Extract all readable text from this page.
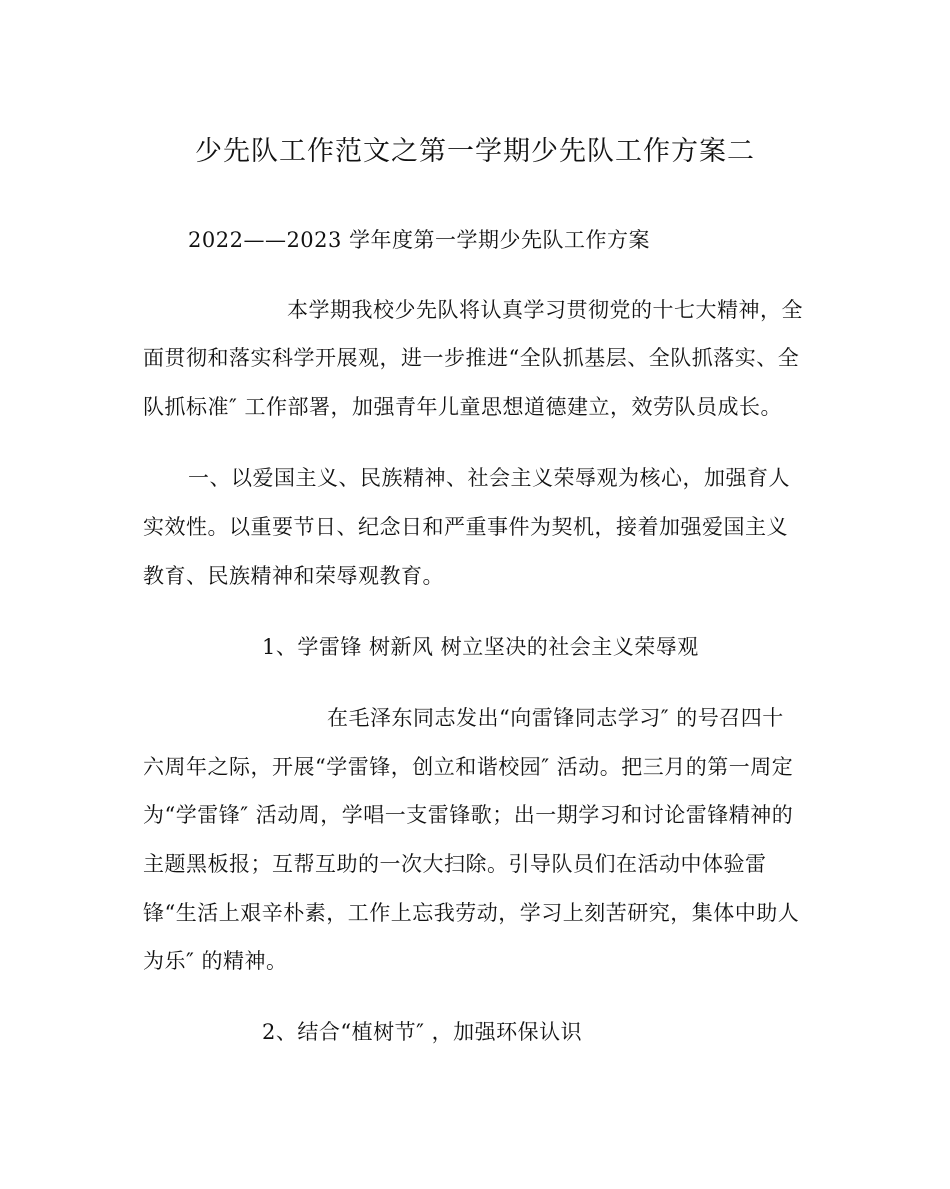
少先队工作范文之第一学期少先队工作方案二
2022——2023 学年度第一学期少先队工作方案
本学期我校少先队将认真学习贯彻党的十七大精神，全
面贯彻和落实科学开展观，进一步推进“全队抓基层、全队抓落实、全
队抓标准″ 工作部署，加强青年儿童思想道德建立，效劳队员成长。
一、以爱国主义、民族精神、社会主义荣辱观为核心，加强育人
实效性。以重要节日、纪念日和严重事件为契机，接着加强爱国主义
教育、民族精神和荣辱观教育。
1、学雷锋 树新风 树立坚决的社会主义荣辱观
在毛泽东同志发出“向雷锋同志学习″ 的号召四十
六周年之际，开展“学雷锋，创立和谐校园″ 活动。把三月的第一周定
为“学雷锋″ 活动周，学唱一支雷锋歌；出一期学习和讨论雷锋精神的
主题黑板报；互帮互助的一次大扫除。引导队员们在活动中体验雷
锋“生活上艰辛朴素，工作上忘我劳动，学习上刻苦研究，集体中助人
为乐″ 的精神。
2、结合“植树节″ ，加强环保认识
